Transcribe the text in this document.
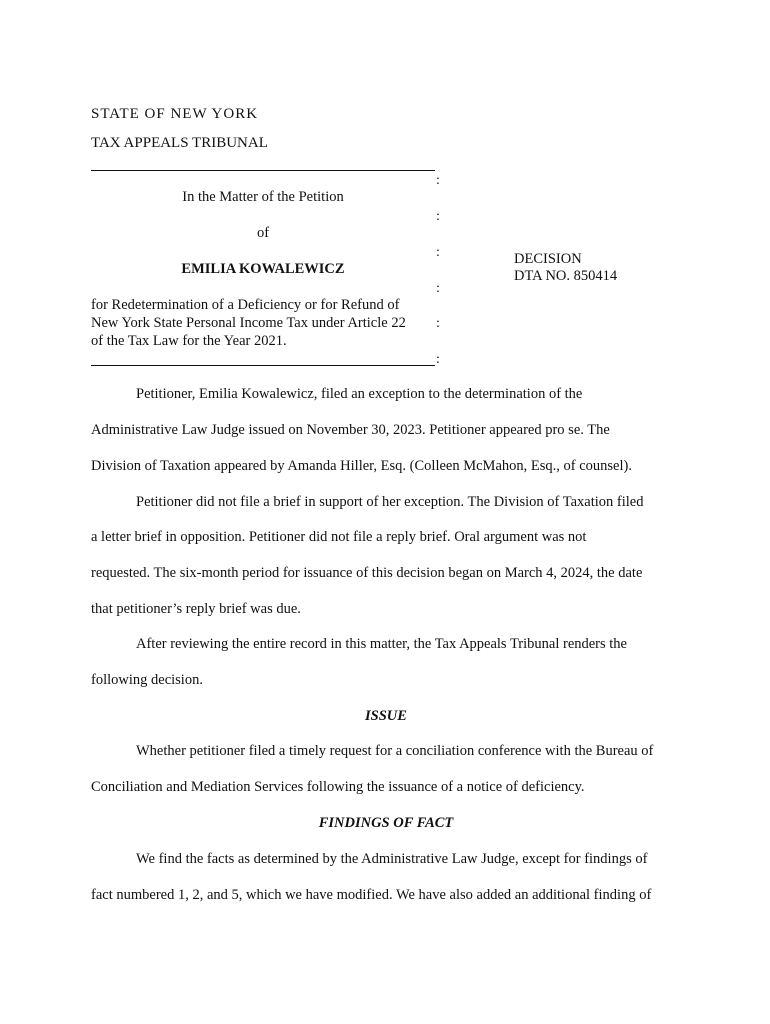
STATE OF NEW YORK
TAX APPEALS TRIBUNAL
:
:
:
:
:
:
In the Matter of the Petition
of
EMILIA KOWALEWICZ
for Redetermination of a Deficiency or for Refund of
New York State Personal Income Tax under Article 22
of the Tax Law for the Year 2021.
DECISION
DTA NO. 850414
Petitioner, Emilia Kowalewicz, filed an exception to the determination of the
Administrative Law Judge issued on November 30, 2023. Petitioner appeared pro se. The
Division of Taxation appeared by Amanda Hiller, Esq. (Colleen McMahon, Esq., of counsel).
Petitioner did not file a brief in support of her exception. The Division of Taxation filed
a letter brief in opposition. Petitioner did not file a reply brief. Oral argument was not
requested. The six-month period for issuance of this decision began on March 4, 2024, the date
that petitioner’s reply brief was due.
After reviewing the entire record in this matter, the Tax Appeals Tribunal renders the
following decision.
ISSUE
Whether petitioner filed a timely request for a conciliation conference with the Bureau of
Conciliation and Mediation Services following the issuance of a notice of deficiency.
FINDINGS OF FACT
We find the facts as determined by the Administrative Law Judge, except for findings of
fact numbered 1, 2, and 5, which we have modified. We have also added an additional finding of
